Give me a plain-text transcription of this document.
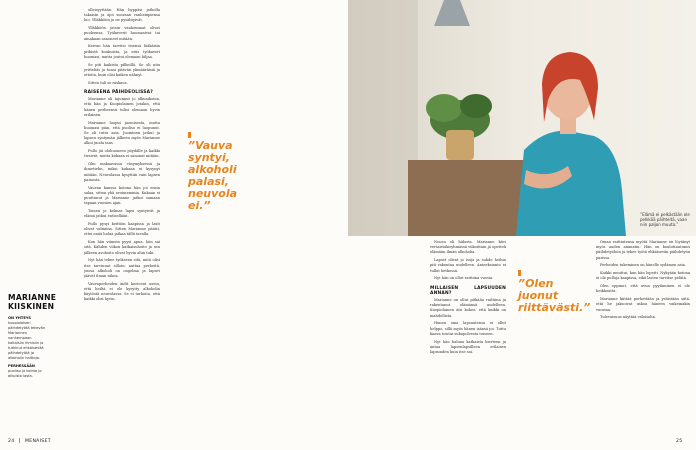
olleisyyttään. Hän hyppäsi jatkolla takaisin ja ajoi suoraan vanhempiensa luo. Ylläkköiin ja ne pysähtyivät.

Ylläkköön jatsin vanhemmat olivat puoleensa. Työkaverit huomasivat tai ainakaan sanoneet mitään.

Kerran hän tarvitsi itsensä lääkäriin pitkistä koukuista, ja eräs työkaveri huomasi, mutta joutui olemaan hiljaa.

Se piti kaikista pilkeillä. Se oli niin yritteliäs ja tunsi pitävän ylimääräisiä ja otteita, kuin olisi kaiken nähnyt.

Sitten tuli se raskaus.

RAISEENA PÄIHDEOLISSA?

Marianne oli tajunnut jo alkuaikoina, että hän ja Kuopiolainen jotakin, että hänen perheensä tulisi olemaan hyvin erilainen.

Marianne luopui juomisesta, mutta huomasi pian, että puoliso ei luopunut. Se oli tuttu asia. Juominen jatkui ja lapsen syntymän jälkeen myös Marianne alkoi juoda taas.

Pullo jäi olohuoneen pöydälle ja kaikki tiesivät, mutta kukaan ei sanonut mitään.

Olin makaavassa väsymyksessä ja ihmettelin, miksi kukaan ei kysynyt mitään. Neuvolassa kysyttiin vain lapsen painosta.

Vauvan kanssa kotona hän joi ensin salaa, sitten yhä avoimemmin. Kukaan ei puuttunut ja Marianne jatkoi samaan tapaan vuosien ajan.

Toinen ja kolmas lapsi syntyivät ja elämä jatkui entisellään.

Pullo pysyi keittiön kaapissa ja lasit olivat valmiina. Sitten Marianne päätti, ettei enää halua jatkaa tällä tavalla.

Kun hän viimein pyysi apua, hän sai sitä. Kahden viikon katkaisuhoito ja sen jälkeen avohoito olivat hyvin alun tuki.

Nyt hän tekee työkseen sitä, mitä olisi itse tarvinnut silloin: auttaa perheitä, joissa alkoholi on ongelma ja lapset jäävät ilman tukea.

Vauvaperheiden äidit kertovat usein, että heiltä ei ole kysytty alkoholin käytöstä neuvolassa. Se ei tarkoita, että kaikki olisi hyvin.

”Vauva syntyi, alkoholi palasi, neuvola ei.”
MARIANNE KIISKINEN
ON YHTEYS kuopiolaisen päihdetyötä tekevän Mariannen vanhempaan kaltaisiin ihmisiin ja tutkinut ehkäisevää päihdetyötä ja alkoholin haittoja.
PERHESSÄÄN puoliso ja kolme jo aikuista lasta.
24 MENAISET

Nousu oli hidasta. Marianne kävi vertaistukiryhmässä viikoittain ja opetteli elämään ilman alkoholia.

Lapset olivat jo isoja ja suhde heihin piti rakentaa uudelleen. Anteeksianto ei tullut hetkessä.

Nyt hän on ollut raittiina vuosia.

MILLAISEN LAPSUUDEN ANNAN?

Marianne on ollut pitkään raittiina ja rakentanut elämänsä uudelleen. Kuopiolainen äiti kokee, että kaikki on mahdollista.

Hänen oma lapsuutensa ei ollut helppo, sillä myös hänen isänsä joi. Tuttu kaava toistui sukupolvesta toiseen.

Nyt hän haluaa katkaista kierteen ja antaa lapsenlapsilleen erilaisen lapsuuden kuin itse sai.

”Olen juonut riittävästi.”

Oman raittiutensa myötä Marianne on löytänyt myös uuden ammatin. Hän on kouluttautunut päihdetyöhön ja tekee työtä ehkäisevän päihdetyön parissa.

Perheiden tukeminen on hänelle sydämen asia.

Kaikki muuttui, kun hän lopetti. Nykyään kotona ei ole pulloja kaapissa, eikä lasten tarvitse pelätä.

Olen oppinut, että avun pyytäminen ei ole heikkoutta.

Marianne kiittää perhettään ja ystäviään siitä, että he jaksoivat uskoa häneen vaikeinakin vuosina.

Tulevaisuus näyttää valoisalta.

”Elämä ei pelkästään ole pelkkää päihteitä, vaan niin paljon muuta.”
25
